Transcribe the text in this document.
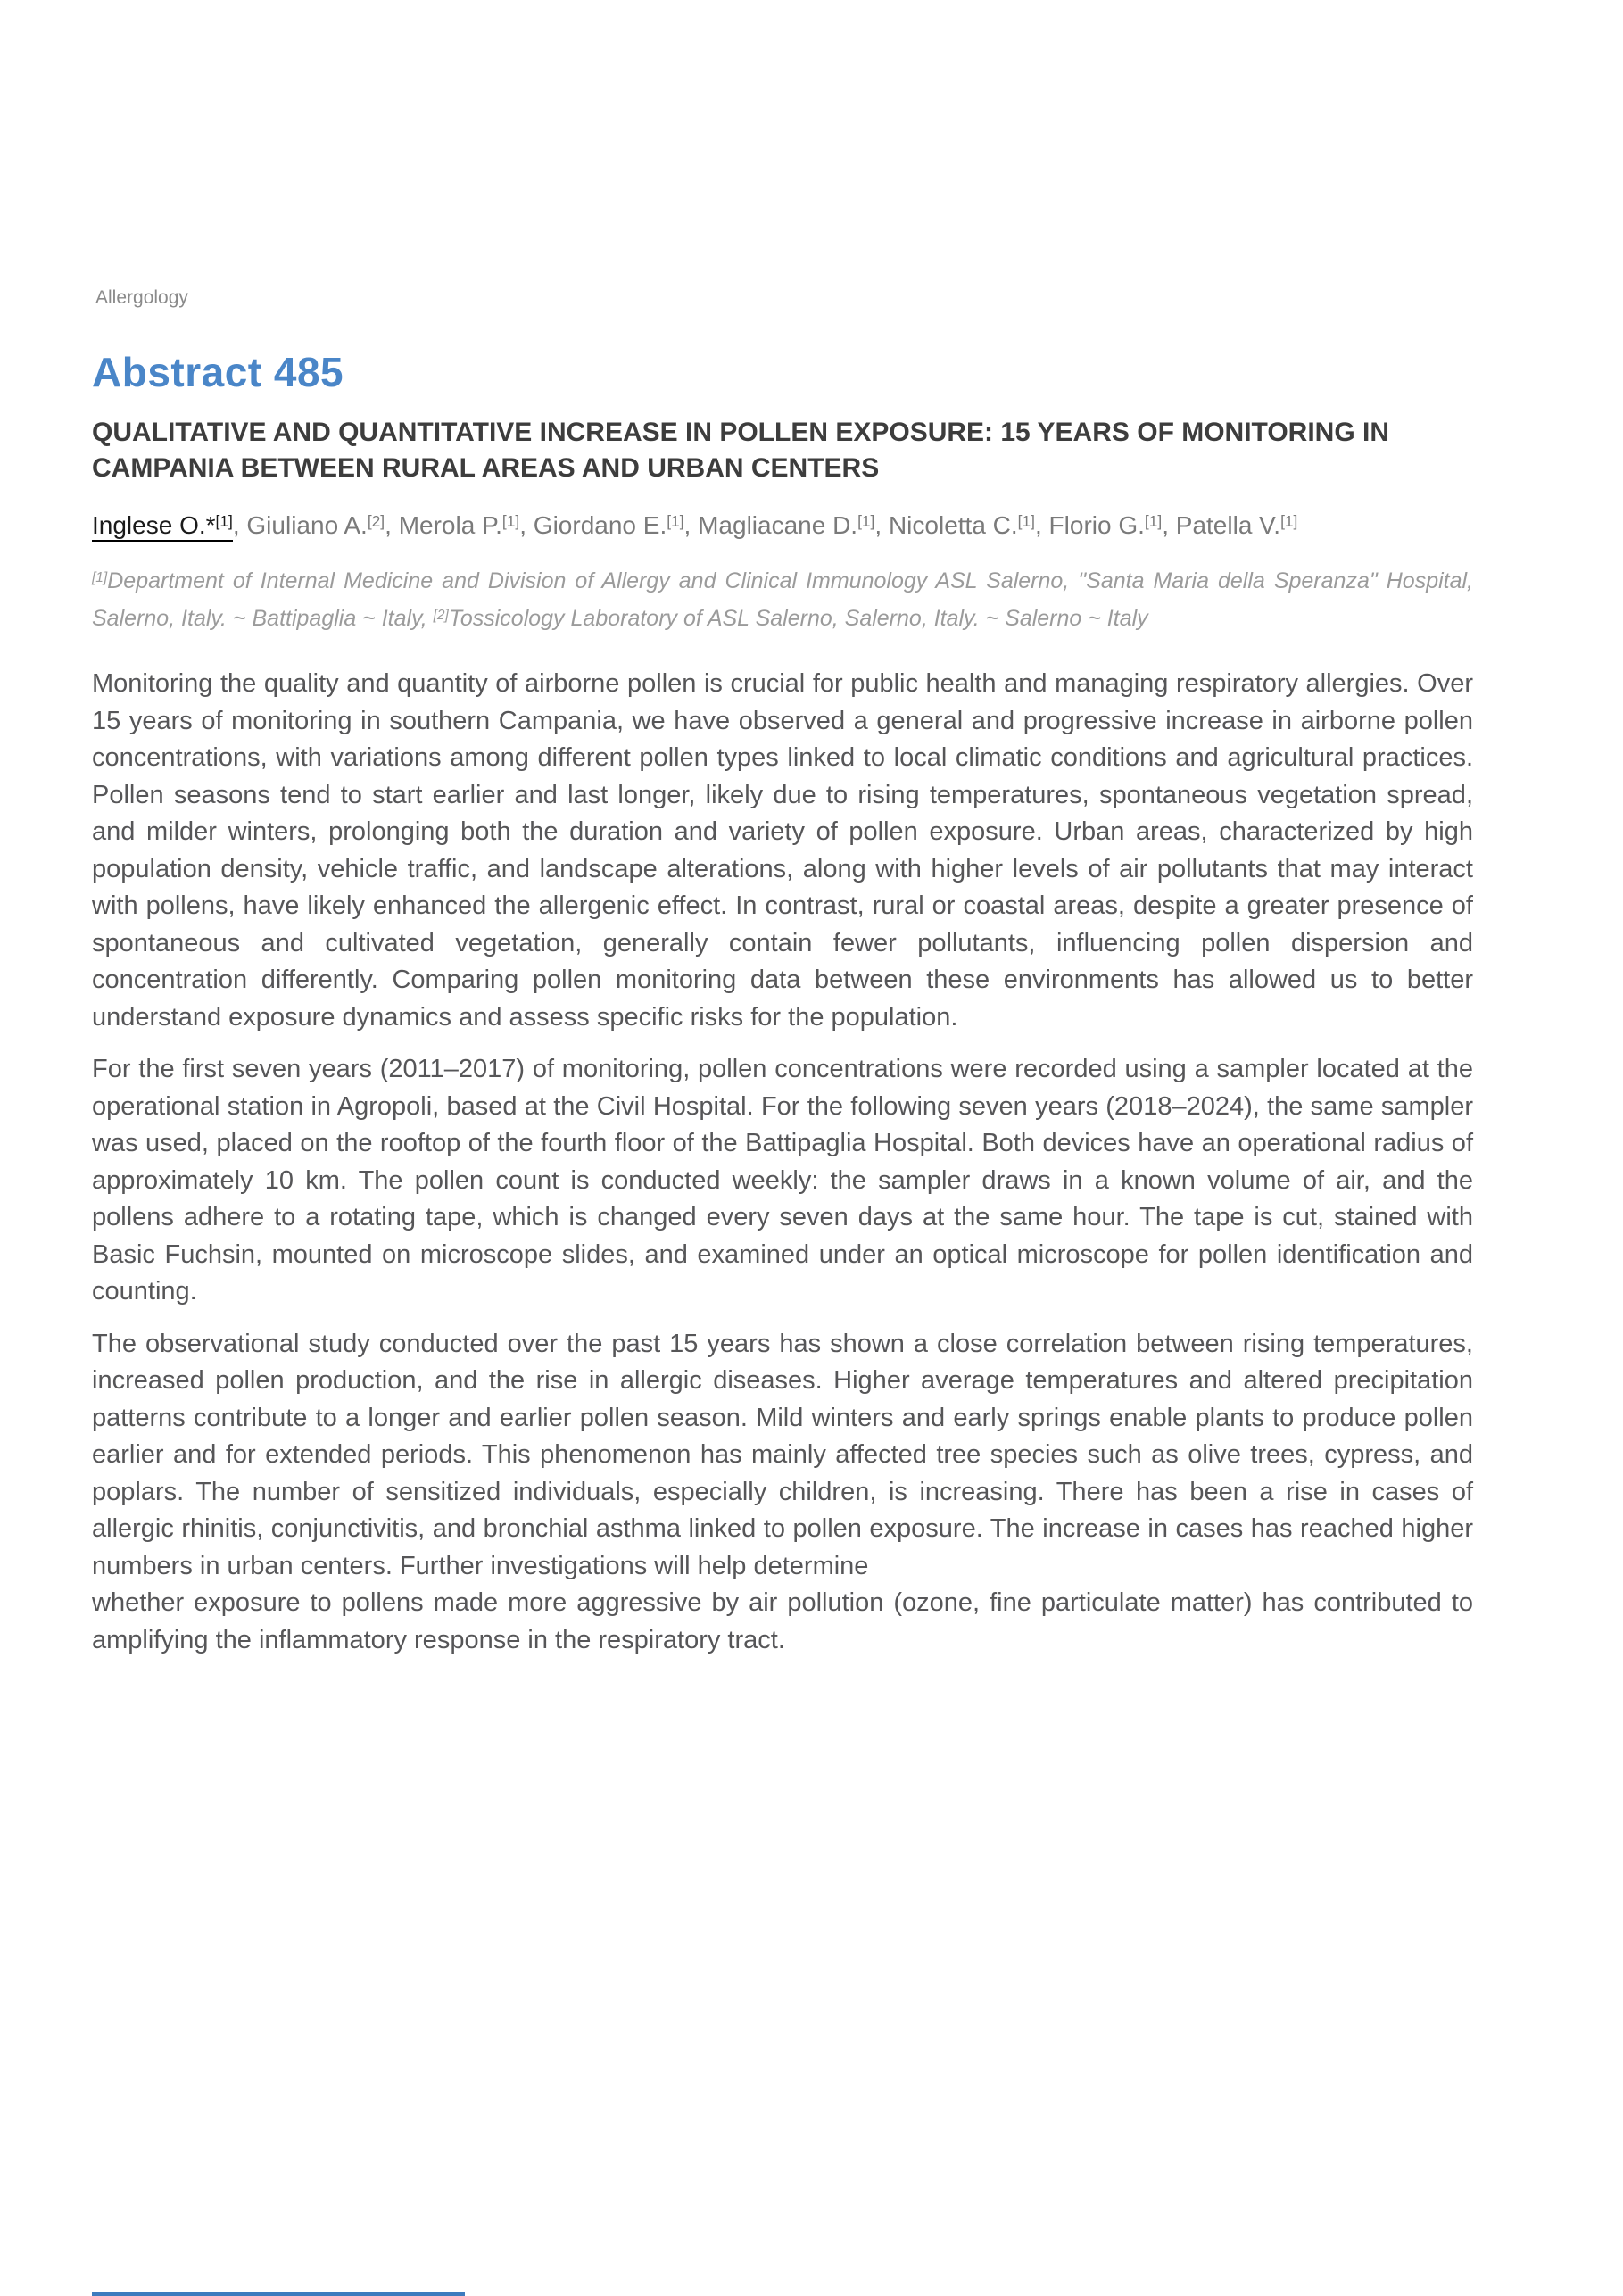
Allergology
Abstract 485
QUALITATIVE AND QUANTITATIVE INCREASE IN POLLEN EXPOSURE: 15 YEARS OF MONITORING IN CAMPANIA BETWEEN RURAL AREAS AND URBAN CENTERS
Inglese O.*[1], Giuliano A.[2], Merola P.[1], Giordano E.[1], Magliacane D.[1], Nicoletta C.[1], Florio G.[1], Patella V.[1]
[1]Department of Internal Medicine and Division of Allergy and Clinical Immunology ASL Salerno, "Santa Maria della Speranza" Hospital, Salerno, Italy. ~ Battipaglia ~ Italy, [2]Tossicology Laboratory of ASL Salerno, Salerno, Italy. ~ Salerno ~ Italy

Monitoring the quality and quantity of airborne pollen is crucial for public health and managing respiratory allergies. Over 15 years of monitoring in southern Campania, we have observed a general and progressive increase in airborne pollen concentrations, with variations among different pollen types linked to local climatic conditions and agricultural practices. Pollen seasons tend to start earlier and last longer, likely due to rising temperatures, spontaneous vegetation spread, and milder winters, prolonging both the duration and variety of pollen exposure. Urban areas, characterized by high population density, vehicle traffic, and landscape alterations, along with higher levels of air pollutants that may interact with pollens, have likely enhanced the allergenic effect. In contrast, rural or coastal areas, despite a greater presence of spontaneous and cultivated vegetation, generally contain fewer pollutants, influencing pollen dispersion and concentration differently. Comparing pollen monitoring data between these environments has allowed us to better understand exposure dynamics and assess specific risks for the population.

For the first seven years (2011–2017) of monitoring, pollen concentrations were recorded using a sampler located at the operational station in Agropoli, based at the Civil Hospital. For the following seven years (2018–2024), the same sampler was used, placed on the rooftop of the fourth floor of the Battipaglia Hospital. Both devices have an operational radius of approximately 10 km. The pollen count is conducted weekly: the sampler draws in a known volume of air, and the pollens adhere to a rotating tape, which is changed every seven days at the same hour. The tape is cut, stained with Basic Fuchsin, mounted on microscope slides, and examined under an optical microscope for pollen identification and counting.

The observational study conducted over the past 15 years has shown a close correlation between rising temperatures, increased pollen production, and the rise in allergic diseases. Higher average temperatures and altered precipitation patterns contribute to a longer and earlier pollen season. Mild winters and early springs enable plants to produce pollen earlier and for extended periods. This phenomenon has mainly affected tree species such as olive trees, cypress, and poplars. The number of sensitized individuals, especially children, is increasing. There has been a rise in cases of allergic rhinitis, conjunctivitis, and bronchial asthma linked to pollen exposure. The increase in cases has reached higher numbers in urban centers. Further investigations will help determine
whether exposure to pollens made more aggressive by air pollution (ozone, fine particulate matter) has contributed to amplifying the inflammatory response in the respiratory tract.
